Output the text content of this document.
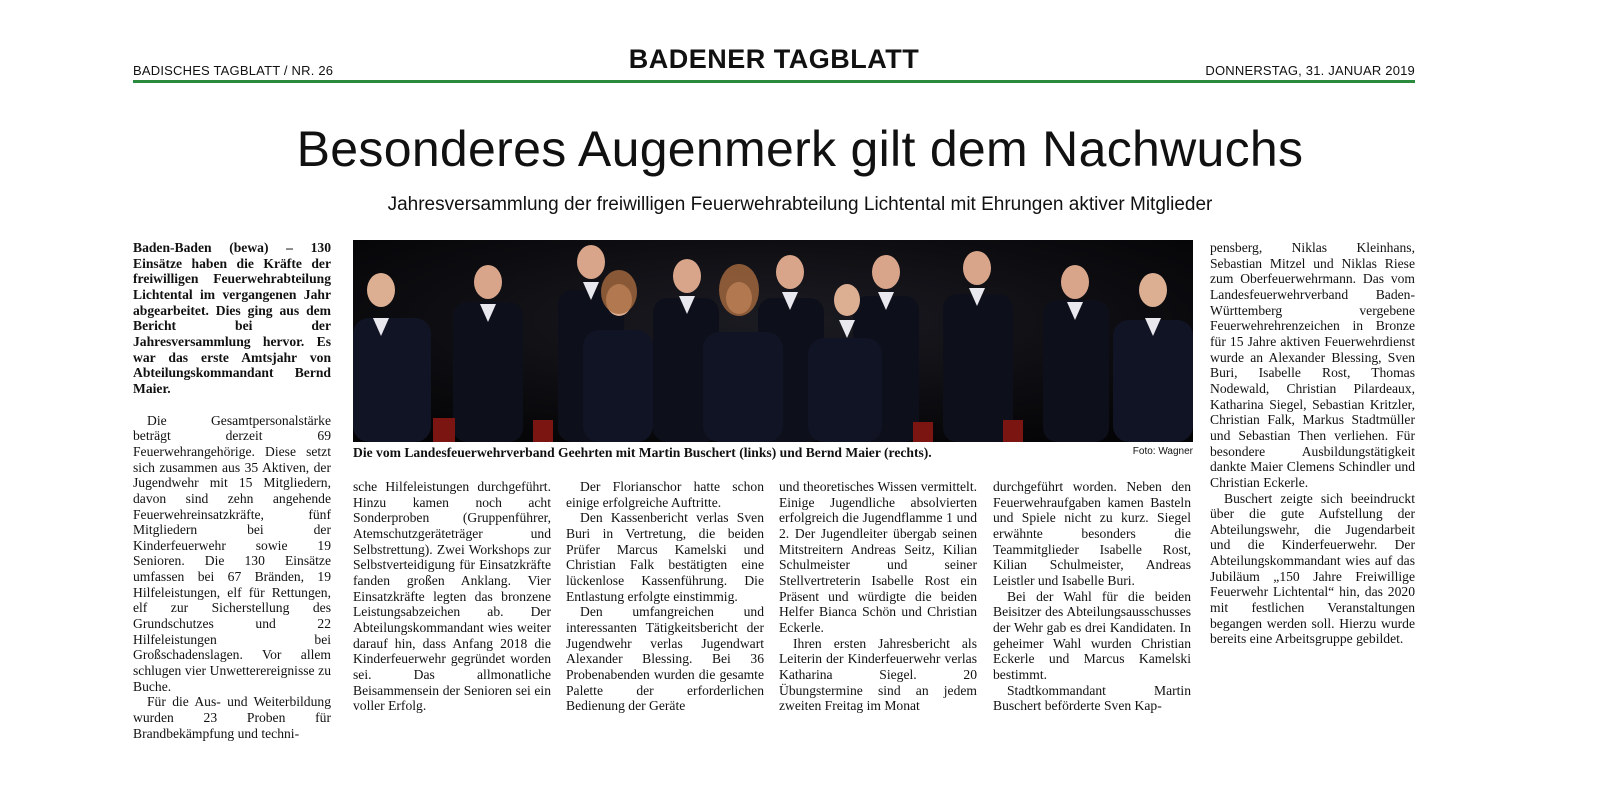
BADISCHES TAGBLATT / NR. 26	BADENER TAGBLATT	DONNERSTAG, 31. JANUAR 2019
Besonderes Augenmerk gilt dem Nachwuchs
Jahresversammlung der freiwilligen Feuerwehrabteilung Lichtental mit Ehrungen aktiver Mitglieder

Baden-Baden (bewa) – 130 Einsätze haben die Kräfte der freiwilligen Feuerwehrabteilung Lichtental im vergangenen Jahr abgearbeitet. Dies ging aus dem Bericht bei der Jahresversammlung hervor. Es war das erste Amtsjahr von Abteilungskommandant Bernd Maier.

Die Gesamtpersonalstärke beträgt derzeit 69 Feuerwehrangehörige. Diese setzt sich zusammen aus 35 Aktiven, der Jugendwehr mit 15 Mitgliedern, davon sind zehn angehende Feuerwehreinsatzkräfte, fünf Mitgliedern bei der Kinderfeuerwehr sowie 19 Senioren. Die 130 Einsätze umfassen bei 67 Bränden, 19 Hilfeleistungen, elf für Rettungen, elf zur Sicherstellung des Grundschutzes und 22 Hilfeleistungen bei Großschadenslagen. Vor allem schlugen vier Unwetterereignisse zu Buche.

Für die Aus- und Weiterbildung wurden 23 Proben für Brandbekämpfung und techni-

Die vom Landesfeuerwehrverband Geehrten mit Martin Buschert (links) und Bernd Maier (rechts).	Foto: Wagner

sche Hilfeleistungen durchgeführt. Hinzu kamen noch acht Sonderproben (Gruppenführer, Atemschutzgeräteträger und Selbstrettung). Zwei Workshops zur Selbstverteidigung für Einsatzkräfte fanden großen Anklang. Vier Einsatzkräfte legten das bronzene Leistungsabzeichen ab. Der Abteilungskommandant wies weiter darauf hin, dass Anfang 2018 die Kinderfeuerwehr gegründet worden sei. Das allmonatliche Beisammensein der Senioren sei ein voller Erfolg.

Der Florianschor hatte schon einige erfolgreiche Auftritte.

Den Kassenbericht verlas Sven Buri in Vertretung, die beiden Prüfer Marcus Kamelski und Christian Falk bestätigten eine lückenlose Kassenführung. Die Entlastung erfolgte einstimmig.

Den umfangreichen und interessanten Tätigkeitsbericht der Jugendwehr verlas Jugendwart Alexander Blessing. Bei 36 Probenabenden wurden die gesamte Palette der erforderlichen Bedienung der Geräte

und theoretisches Wissen vermittelt. Einige Jugendliche absolvierten erfolgreich die Jugendflamme 1 und 2. Der Jugendleiter übergab seinen Mitstreitern Andreas Seitz, Kilian Schulmeister und seiner Stellvertreterin Isabelle Rost ein Präsent und würdigte die beiden Helfer Bianca Schön und Christian Eckerle.

Ihren ersten Jahresbericht als Leiterin der Kinderfeuerwehr verlas Katharina Siegel. 20 Übungstermine sind an jedem zweiten Freitag im Monat

durchgeführt worden. Neben den Feuerwehraufgaben kamen Basteln und Spiele nicht zu kurz. Siegel erwähnte besonders die Teammitglieder Isabelle Rost, Kilian Schulmeister, Andreas Leistler und Isabelle Buri.

Bei der Wahl für die beiden Beisitzer des Abteilungsausschusses der Wehr gab es drei Kandidaten. In geheimer Wahl wurden Christian Eckerle und Marcus Kamelski bestimmt.

Stadtkommandant Martin Buschert beförderte Sven Kap-

pensberg, Niklas Kleinhans, Sebastian Mitzel und Niklas Riese zum Oberfeuerwehrmann. Das vom Landesfeuerwehrverband Baden-Württemberg vergebene Feuerwehrehrenzeichen in Bronze für 15 Jahre aktiven Feuerwehrdienst wurde an Alexander Blessing, Sven Buri, Isabelle Rost, Thomas Nodewald, Christian Pilardeaux, Katharina Siegel, Sebastian Kritzler, Christian Falk, Markus Stadtmüller und Sebastian Then verliehen. Für besondere Ausbildungstätigkeit dankte Maier Clemens Schindler und Christian Eckerle.

Buschert zeigte sich beeindruckt über die gute Aufstellung der Abteilungswehr, die Jugendarbeit und die Kinderfeuerwehr. Der Abteilungskommandant wies auf das Jubiläum „150 Jahre Freiwillige Feuerwehr Lichtental“ hin, das 2020 mit festlichen Veranstaltungen begangen werden soll. Hierzu wurde bereits eine Arbeitsgruppe gebildet.
